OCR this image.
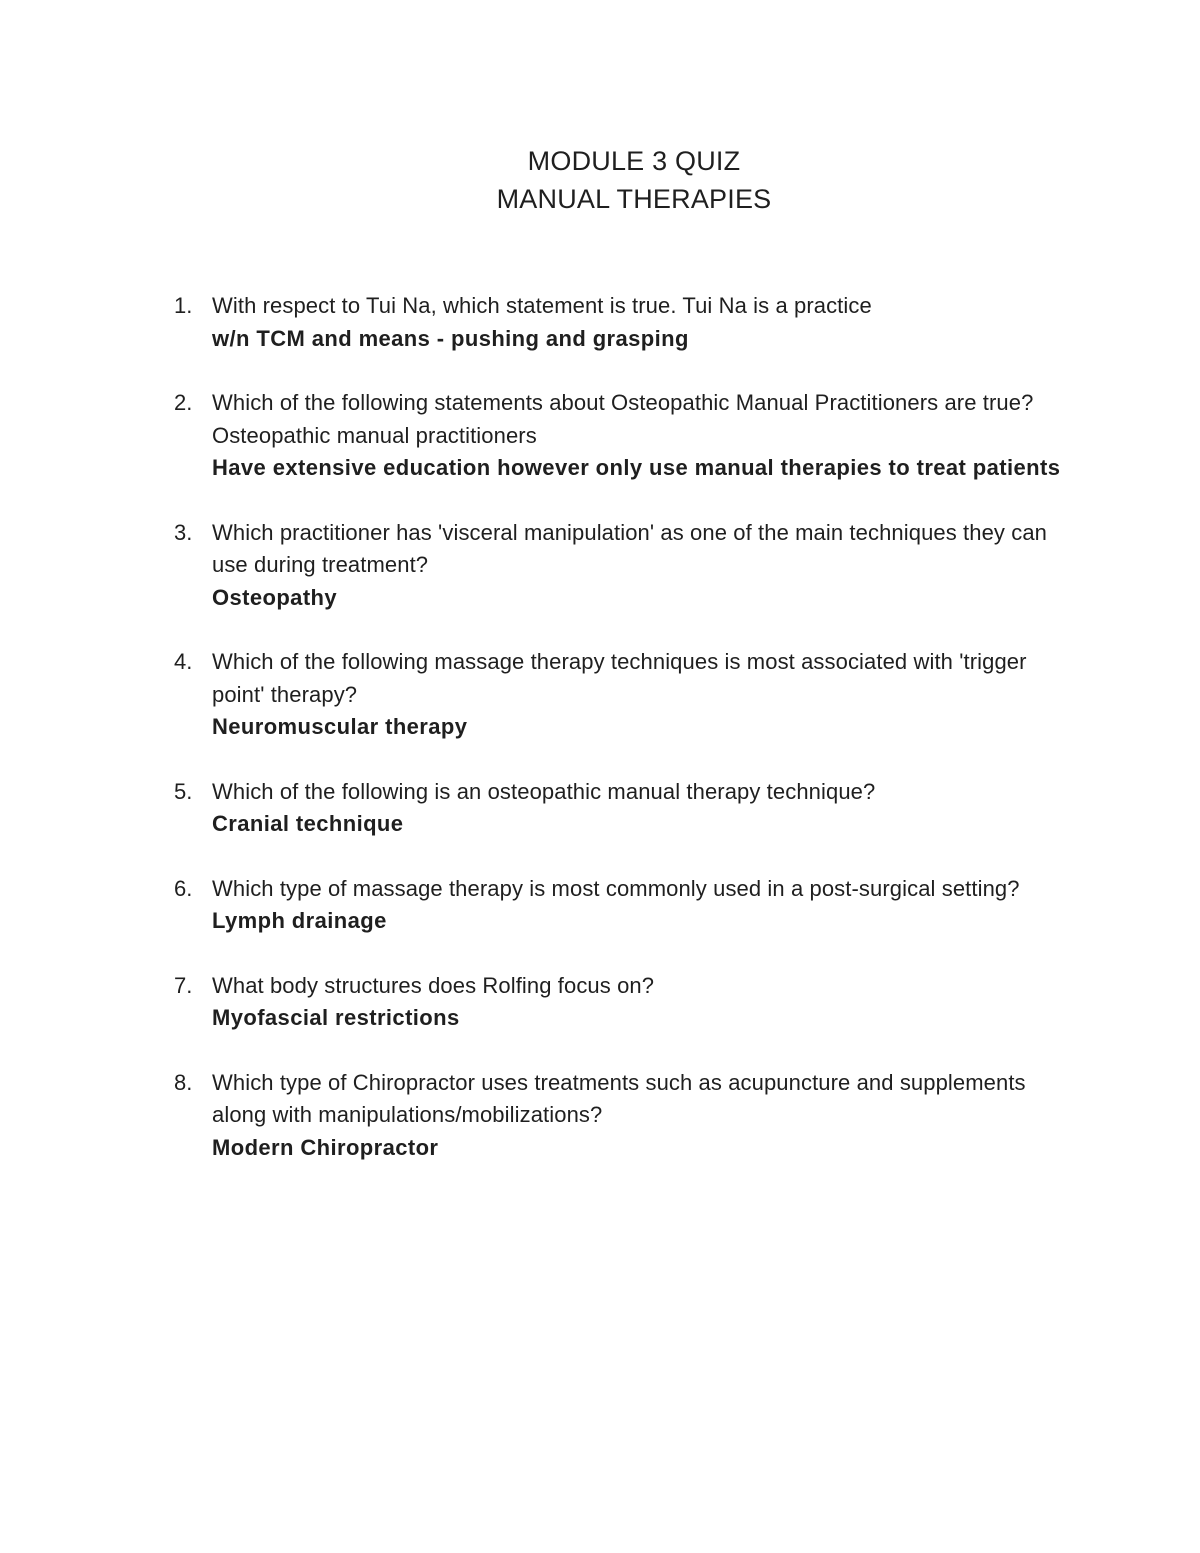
MODULE 3 QUIZ
MANUAL THERAPIES
1. With respect to Tui Na, which statement is true. Tui Na is a practice
w/n TCM and means - pushing and grasping
2. Which of the following statements about Osteopathic Manual Practitioners are true? Osteopathic manual practitioners
Have extensive education however only use manual therapies to treat patients
3. Which practitioner has 'visceral manipulation' as one of the main techniques they can use during treatment?
Osteopathy
4. Which of the following massage therapy techniques is most associated with 'trigger point' therapy?
Neuromuscular therapy
5. Which of the following is an osteopathic manual therapy technique?
Cranial technique
6. Which type of massage therapy is most commonly used in a post-surgical setting?
Lymph drainage
7. What body structures does Rolfing focus on?
Myofascial restrictions
8. Which type of Chiropractor uses treatments such as acupuncture and supplements along with manipulations/mobilizations?
Modern Chiropractor
